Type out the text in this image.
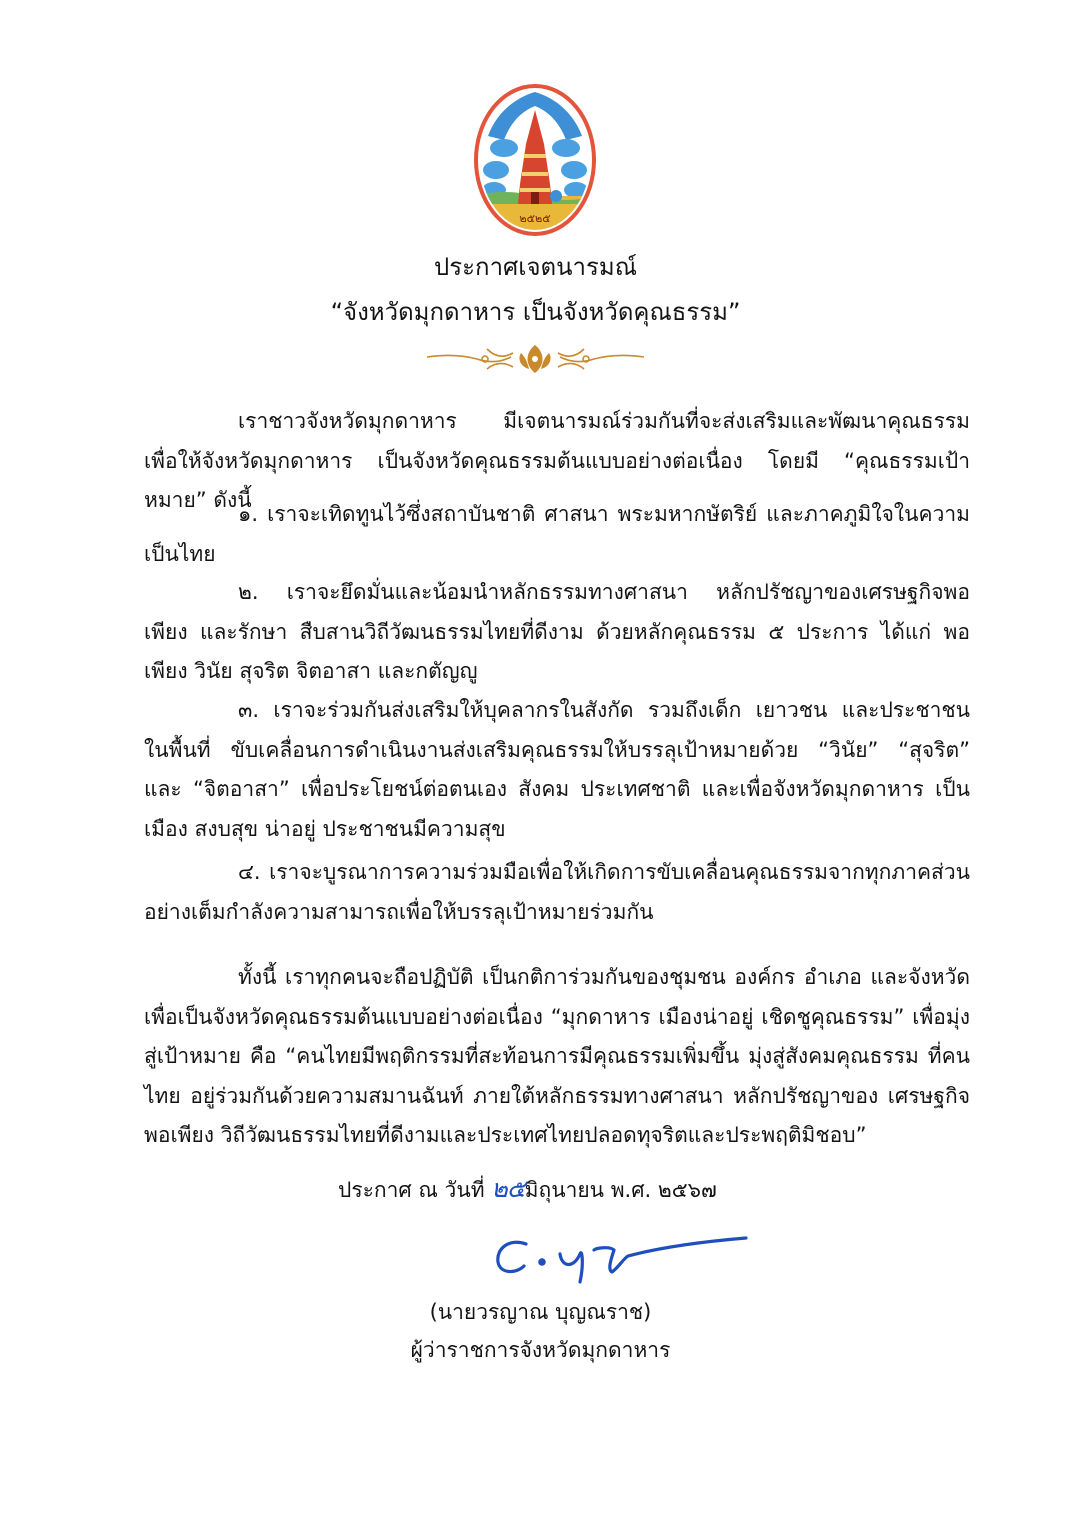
๒๕๒๕
ประกาศเจตนารมณ์
“จังหวัดมุกดาหาร เป็นจังหวัดคุณธรรม”
เราชาวจังหวัดมุกดาหาร มีเจตนารมณ์ร่วมกันที่จะส่งเสริมและพัฒนาคุณธรรม เพื่อให้จังหวัดมุกดาหาร เป็นจังหวัดคุณธรรมต้นแบบอย่างต่อเนื่อง โดยมี “คุณธรรมเป้าหมาย” ดังนี้
๑. เราจะเทิดทูนไว้ซึ่งสถาบันชาติ ศาสนา พระมหากษัตริย์ และภาคภูมิใจในความเป็นไทย
๒. เราจะยึดมั่นและน้อมนำหลักธรรมทางศาสนา หลักปรัชญาของเศรษฐกิจพอเพียง และรักษา สืบสานวิถีวัฒนธรรมไทยที่ดีงาม ด้วยหลักคุณธรรม ๕ ประการ ได้แก่ พอเพียง วินัย สุจริต จิตอาสา และกตัญญู
๓. เราจะร่วมกันส่งเสริมให้บุคลากรในสังกัด รวมถึงเด็ก เยาวชน และประชาชน ในพื้นที่ ขับเคลื่อนการดำเนินงานส่งเสริมคุณธรรมให้บรรลุเป้าหมายด้วย “วินัย” “สุจริต” และ “จิตอาสา” เพื่อประโยชน์ต่อตนเอง สังคม ประเทศชาติ และเพื่อจังหวัดมุกดาหาร เป็นเมือง สงบสุข น่าอยู่ ประชาชนมีความสุข
๔. เราจะบูรณาการความร่วมมือเพื่อให้เกิดการขับเคลื่อนคุณธรรมจากทุกภาคส่วน อย่างเต็มกำลังความสามารถเพื่อให้บรรลุเป้าหมายร่วมกัน
ทั้งนี้ เราทุกคนจะถือปฏิบัติ เป็นกติการ่วมกันของชุมชน องค์กร อำเภอ และจังหวัด เพื่อเป็นจังหวัดคุณธรรมต้นแบบอย่างต่อเนื่อง “มุกดาหาร เมืองน่าอยู่ เชิดชูคุณธรรม” เพื่อมุ่งสู่เป้าหมาย คือ “คนไทยมีพฤติกรรมที่สะท้อนการมีคุณธรรมเพิ่มขึ้น มุ่งสู่สังคมคุณธรรม ที่คนไทย อยู่ร่วมกันด้วยความสมานฉันท์ ภายใต้หลักธรรมทางศาสนา หลักปรัชญาของ เศรษฐกิจพอเพียง วิถีวัฒนธรรมไทยที่ดีงามและประเทศไทยปลอดทุจริตและประพฤติมิชอบ”
ประกาศ ณ วันที่ ๒๕มิถุนายน พ.ศ. ๒๕๖๗
(นายวรญาณ บุญณราช)
ผู้ว่าราชการจังหวัดมุกดาหาร
